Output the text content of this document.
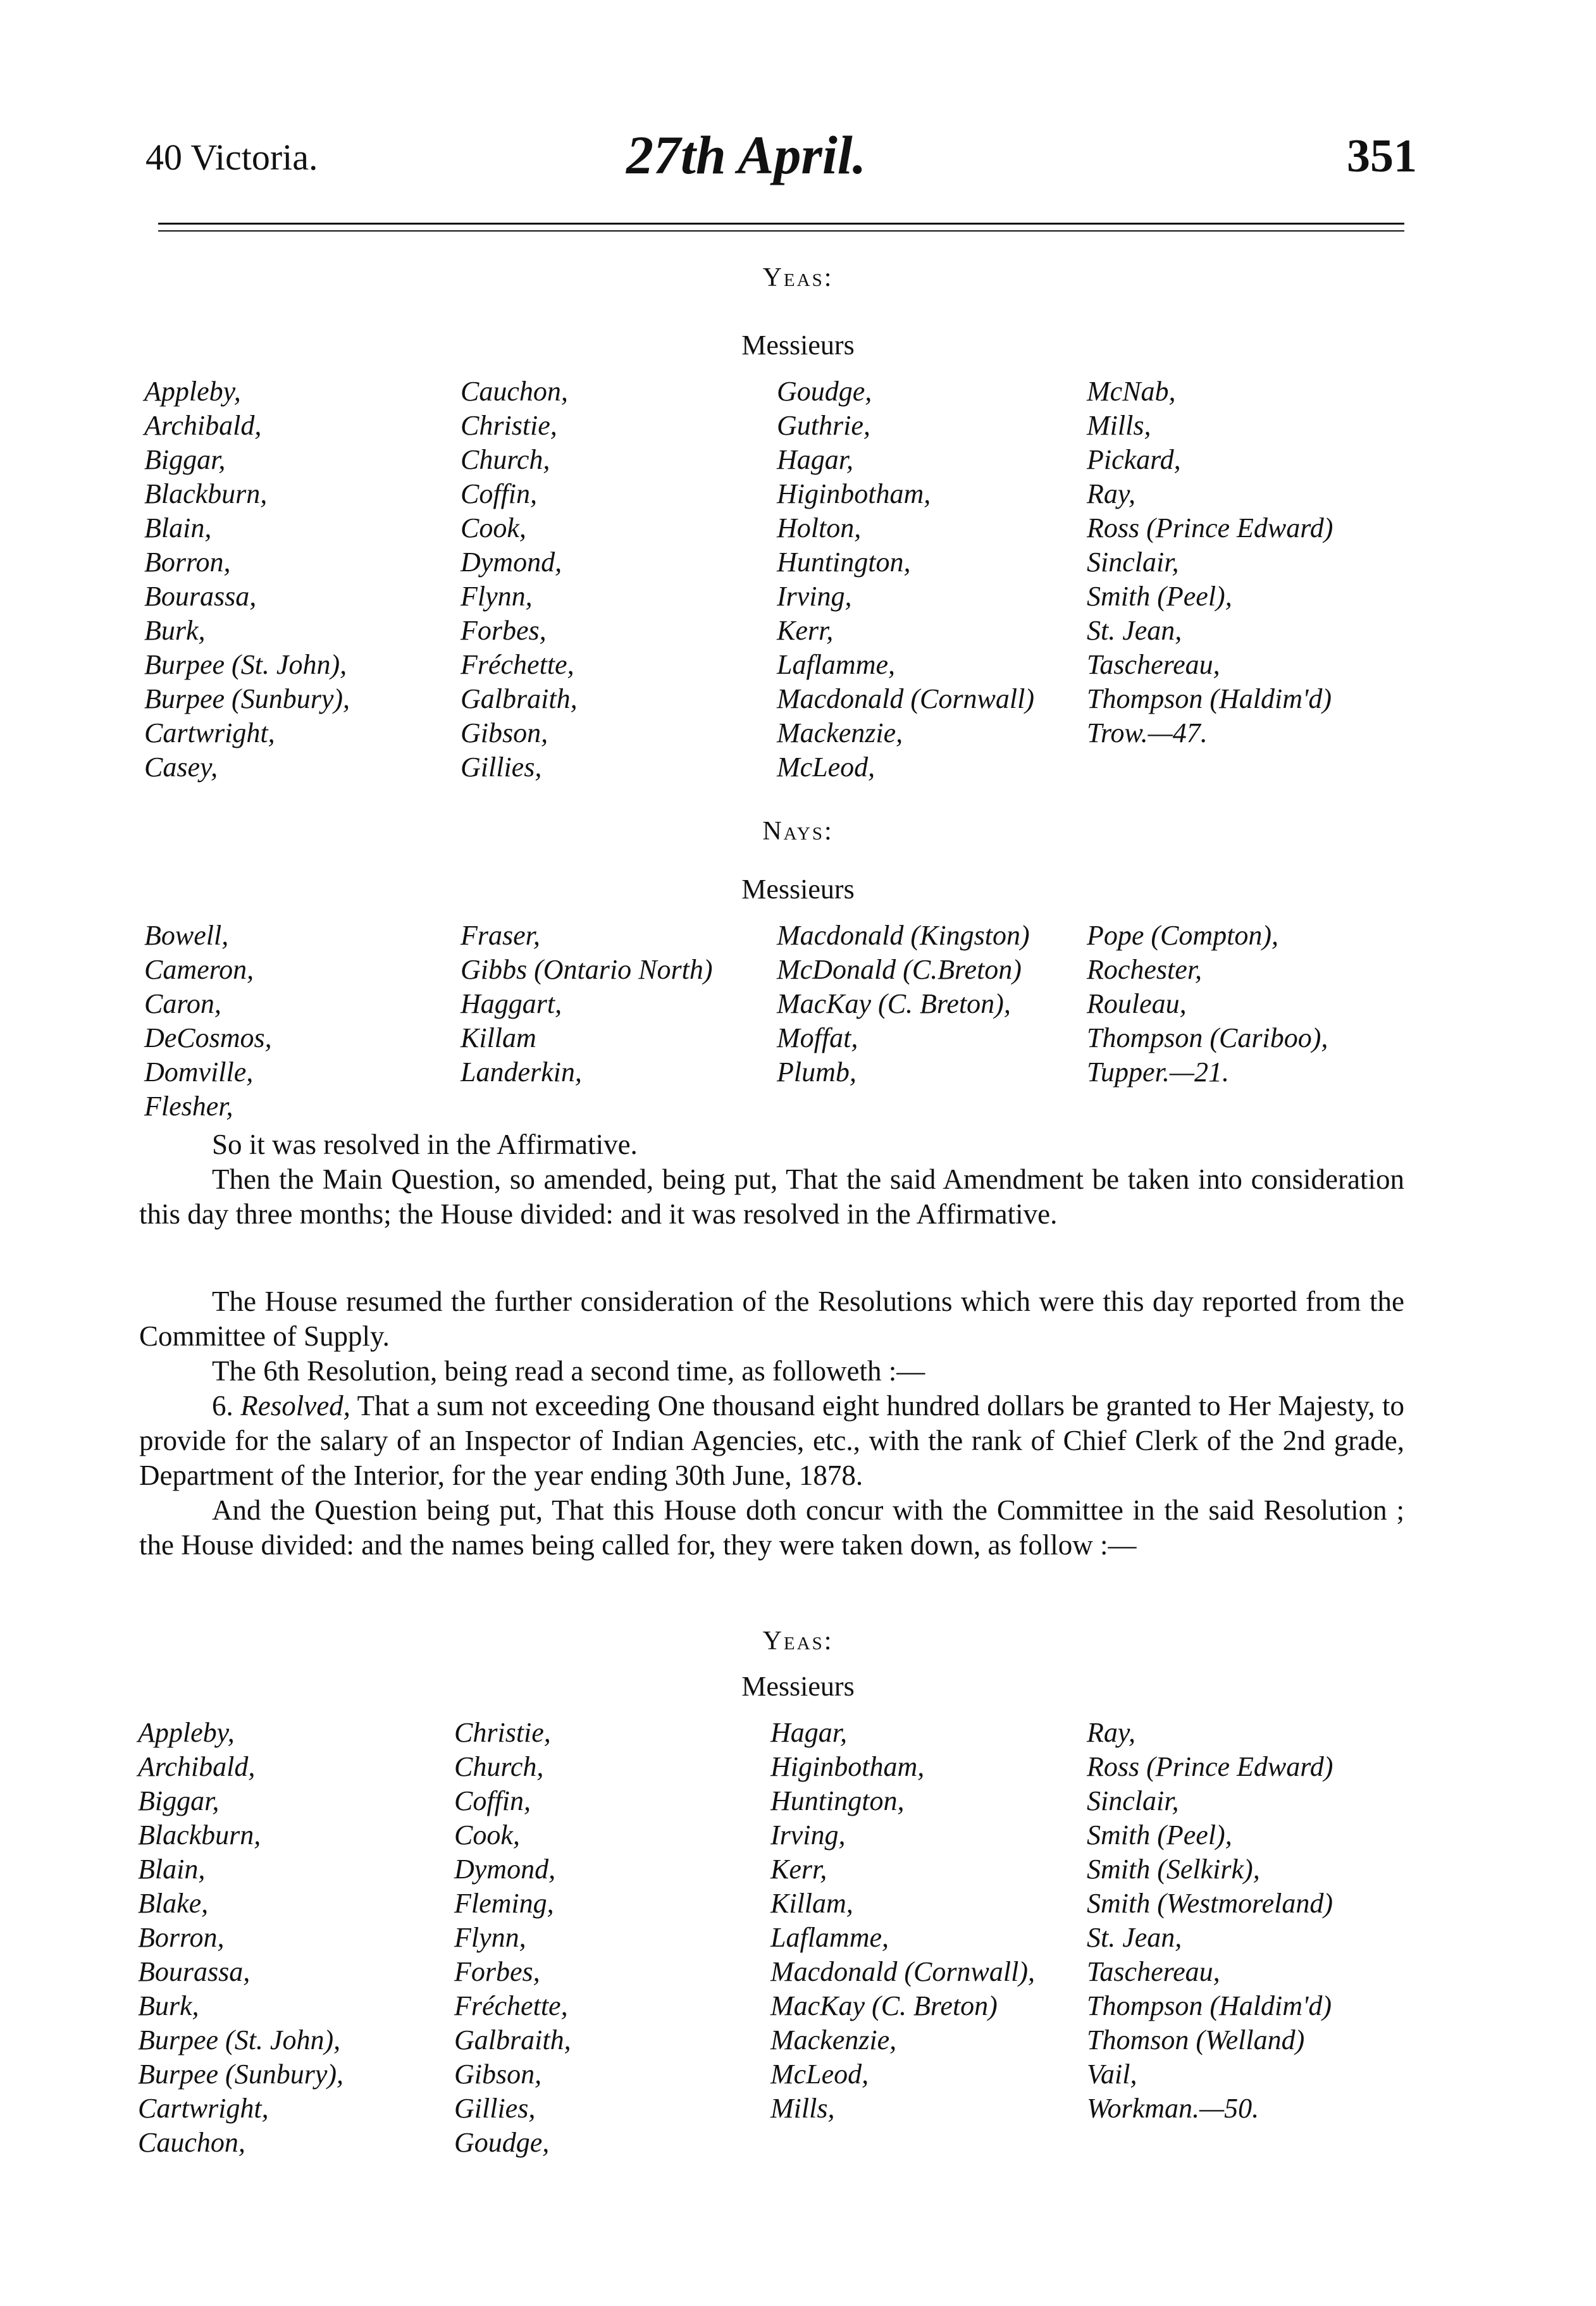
40 Victoria.	27th April.	351
Yeas:
Messieurs
Appleby,
Archibald,
Biggar,
Blackburn,
Blain,
Borron,
Bourassa,
Burk,
Burpee (St. John),
Burpee (Sunbury),
Cartwright,
Casey,
Cauchon,
Christie,
Church,
Coffin,
Cook,
Dymond,
Flynn,
Forbes,
Fréchette,
Galbraith,
Gibson,
Gillies,
Goudge,
Guthrie,
Hagar,
Higinbotham,
Holton,
Huntington,
Irving,
Kerr,
Laflamme,
Macdonald (Cornwall)
Mackenzie,
McLeod,
McNab,
Mills,
Pickard,
Ray,
Ross (Prince Edward)
Sinclair,
Smith (Peel),
St. Jean,
Taschereau,
Thompson (Haldim'd)
Trow.—47.
Nays:
Messieurs
Bowell,
Cameron,
Caron,
DeCosmos,
Domville,
Flesher,
Fraser,
Gibbs (Ontario North)
Haggart,
Killam
Landerkin,
Macdonald (Kingston)
McDonald (C.Breton)
MacKay (C. Breton),
Moffat,
Plumb,
Pope (Compton),
Rochester,
Rouleau,
Thompson (Cariboo),
Tupper.—21.

So it was resolved in the Affirmative.

Then the Main Question, so amended, being put, That the said Amendment be taken into consideration this day three months; the House divided: and it was resolved in the Affirmative.

The House resumed the further consideration of the Resolutions which were this day reported from the Committee of Supply.

The 6th Resolution, being read a second time, as followeth :—

6. Resolved, That a sum not exceeding One thousand eight hundred dollars be granted to Her Majesty, to provide for the salary of an Inspector of Indian Agencies, etc., with the rank of Chief Clerk of the 2nd grade, Department of the Interior, for the year ending 30th June, 1878.

And the Question being put, That this House doth concur with the Committee in the said Resolution ; the House divided: and the names being called for, they were taken down, as follow :—

Yeas:
Messieurs
Appleby,
Archibald,
Biggar,
Blackburn,
Blain,
Blake,
Borron,
Bourassa,
Burk,
Burpee (St. John),
Burpee (Sunbury),
Cartwright,
Cauchon,
Christie,
Church,
Coffin,
Cook,
Dymond,
Fleming,
Flynn,
Forbes,
Fréchette,
Galbraith,
Gibson,
Gillies,
Goudge,
Hagar,
Higinbotham,
Huntington,
Irving,
Kerr,
Killam,
Laflamme,
Macdonald (Cornwall),
MacKay (C. Breton)
Mackenzie,
McLeod,
Mills,
Ray,
Ross (Prince Edward)
Sinclair,
Smith (Peel),
Smith (Selkirk),
Smith (Westmoreland)
St. Jean,
Taschereau,
Thompson (Haldim'd)
Thomson (Welland)
Vail,
Workman.—50.
